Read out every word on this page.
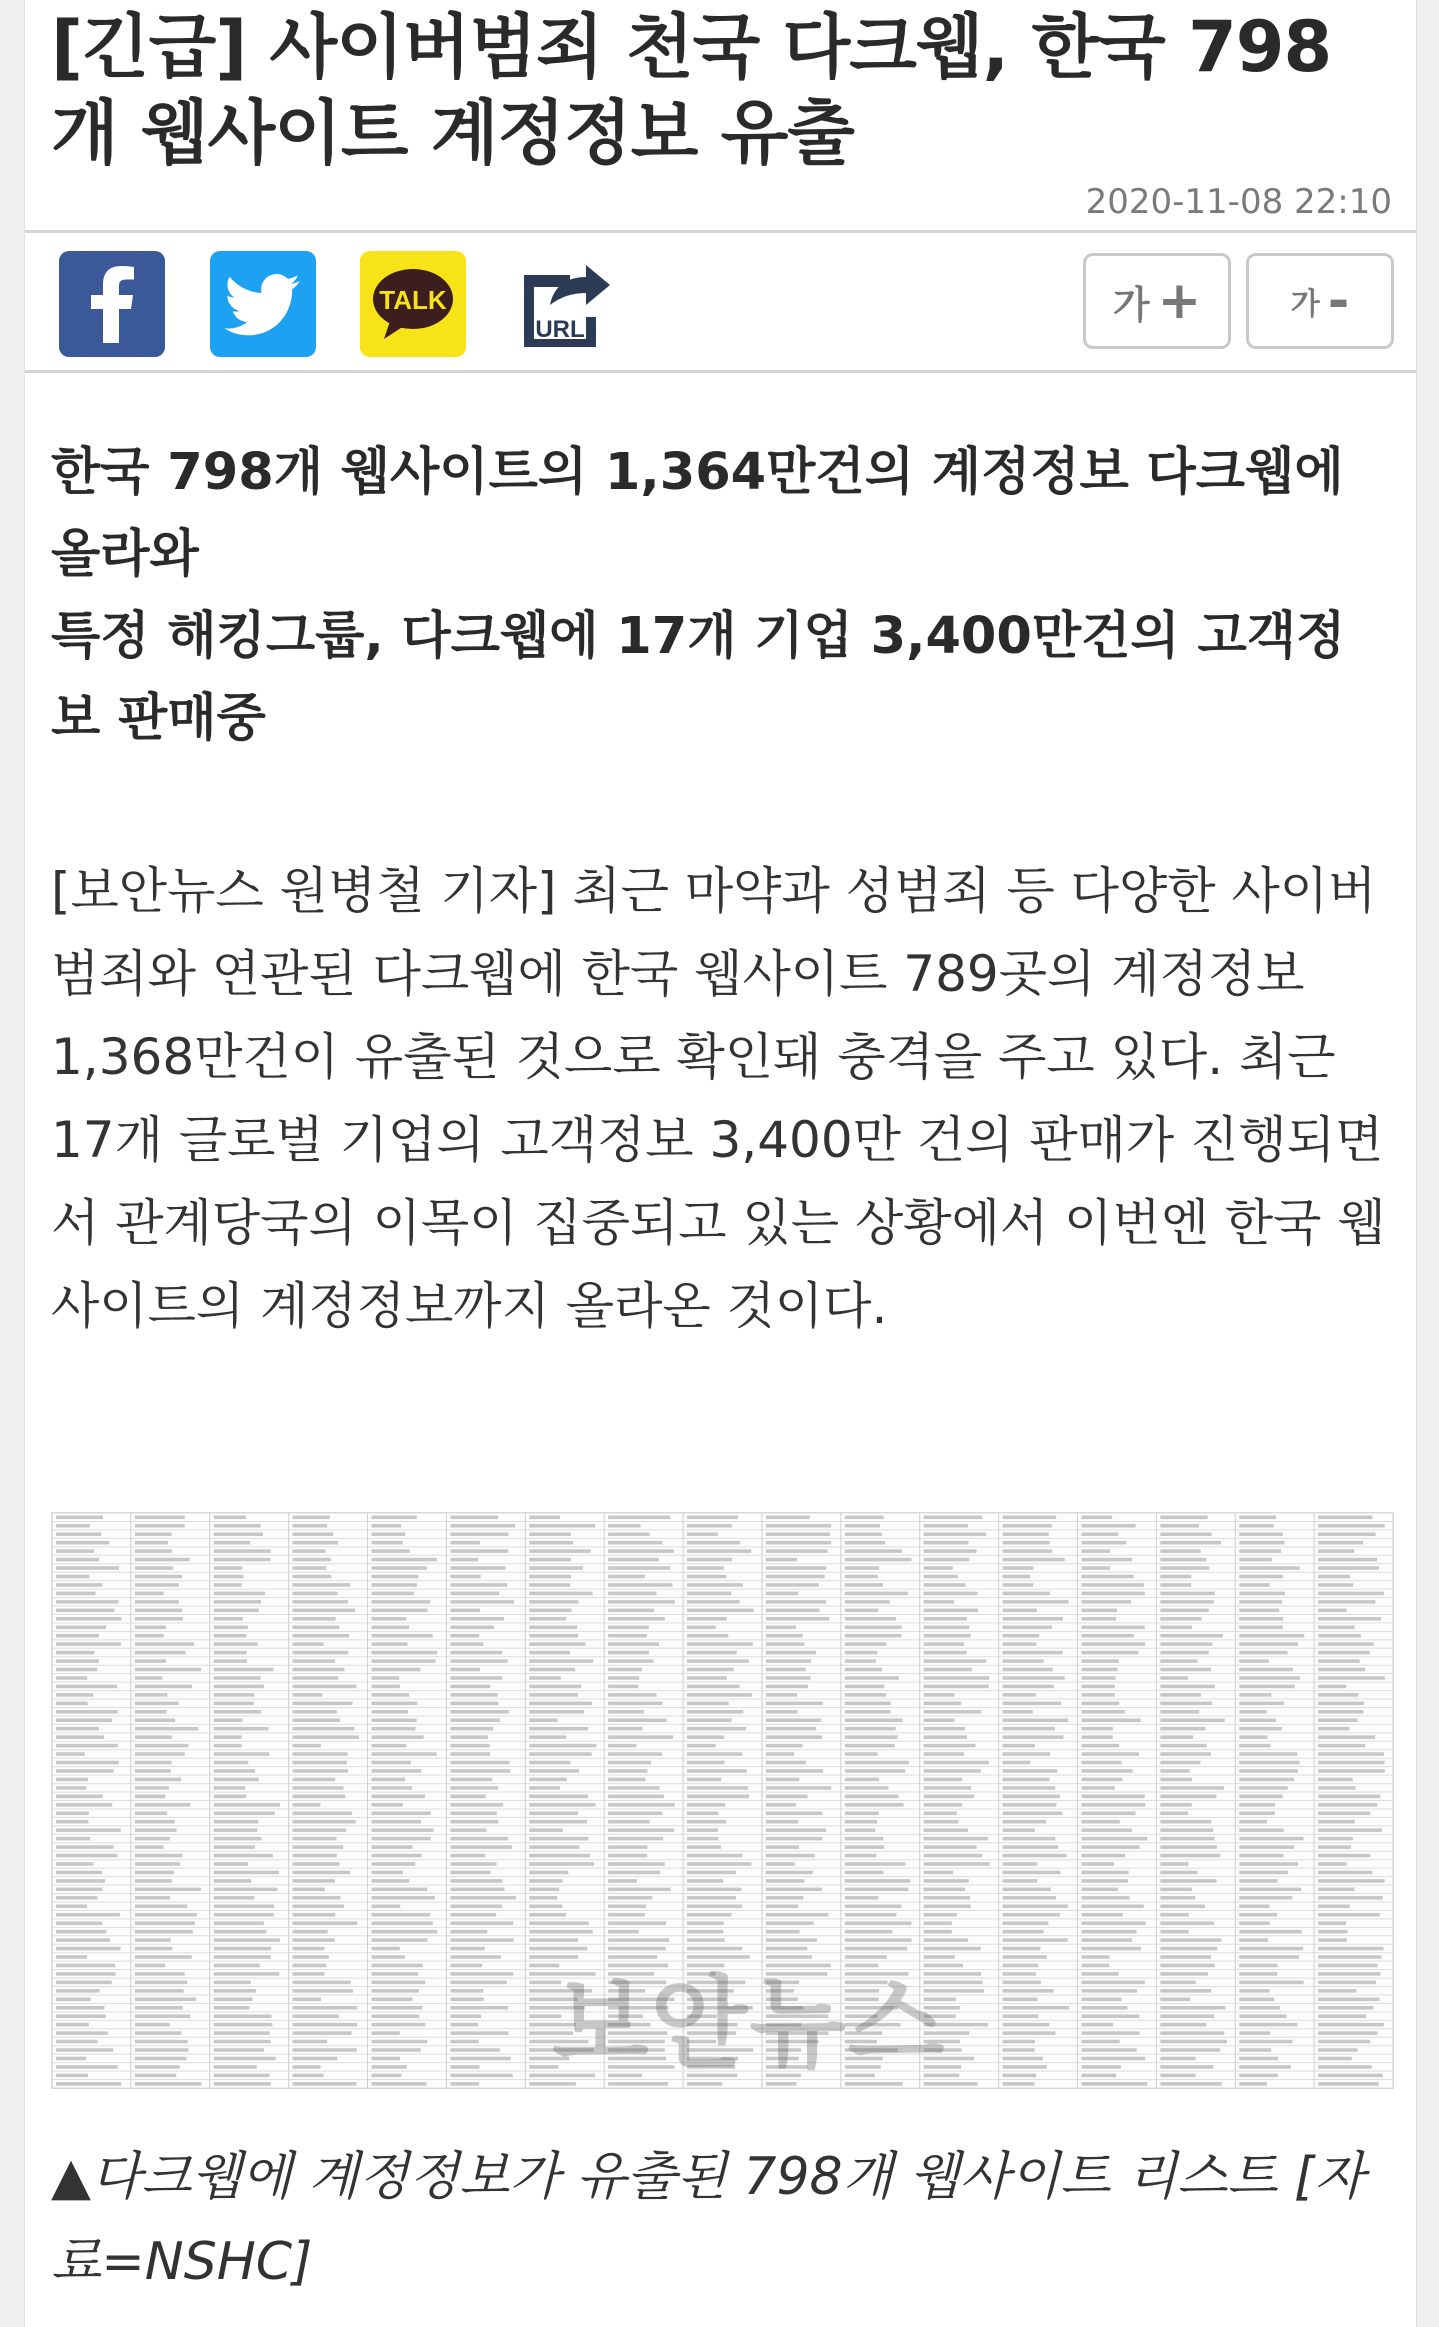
[긴급] 사이버범죄 천국 다크웹, 한국 798개 웹사이트 계정정보 유출
2020-11-08 22:10
TALK
URL
가 +	가 -
한국 798개 웹사이트의 1,364만건의 계정정보 다크웹에 올라와
특정 해킹그룹, 다크웹에 17개 기업 3,400만건의 고객정보 판매중
[보안뉴스 원병철 기자] 최근 마약과 성범죄 등 다양한 사이버범죄와 연관된 다크웹에 한국 웹사이트 789곳의 계정정보 1,368만건이 유출된 것으로 확인돼 충격을 주고 있다. 최근 17개 글로벌 기업의 고객정보 3,400만 건의 판매가 진행되면서 관계당국의 이목이 집중되고 있는 상황에서 이번엔 한국 웹사이트의 계정정보까지 올라온 것이다.
보안뉴스
▲다크웹에 계정정보가 유출된 798개 웹사이트 리스트 [자료=NSHC]
